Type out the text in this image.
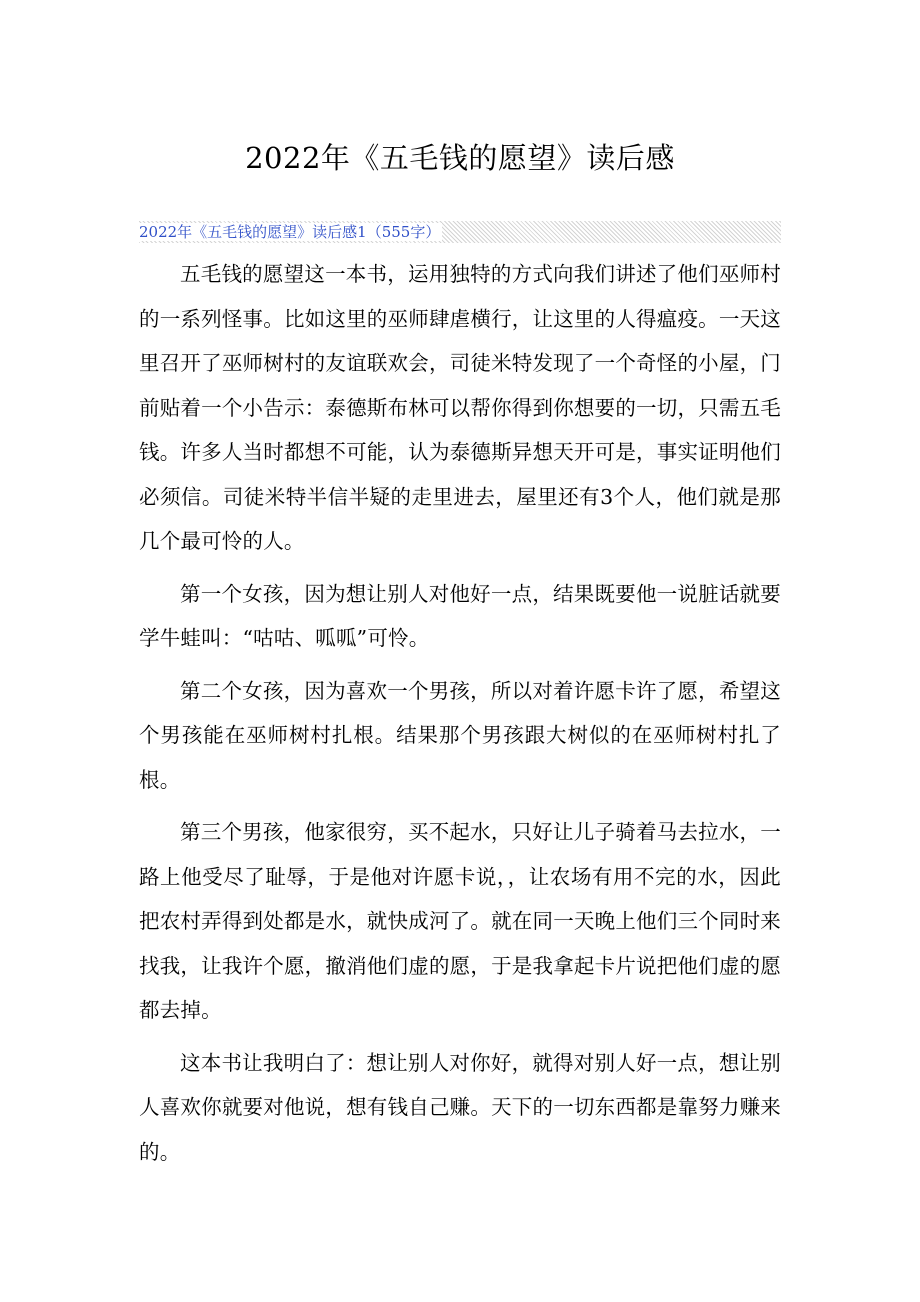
2022年《五毛钱的愿望》读后感
2022年《五毛钱的愿望》读后感1（555字）

五毛钱的愿望这一本书，运用独特的方式向我们讲述了他们巫师村的一系列怪事。比如这里的巫师肆虐横行，让这里的人得瘟疫。一天这里召开了巫师树村的友谊联欢会，司徒米特发现了一个奇怪的小屋，门前贴着一个小告示：泰德斯布林可以帮你得到你想要的一切，只需五毛钱。许多人当时都想不可能，认为泰德斯异想天开可是，事实证明他们必须信。司徒米特半信半疑的走里进去，屋里还有3个人，他们就是那几个最可怜的人。

第一个女孩，因为想让别人对他好一点，结果既要他一说脏话就要学牛蛙叫：“咕咕、呱呱”可怜。

第二个女孩，因为喜欢一个男孩，所以对着许愿卡许了愿，希望这个男孩能在巫师树村扎根。结果那个男孩跟大树似的在巫师树村扎了根。

第三个男孩，他家很穷，买不起水，只好让儿子骑着马去拉水，一路上他受尽了耻辱，于是他对许愿卡说，，让农场有用不完的水，因此把农村弄得到处都是水，就快成河了。就在同一天晚上他们三个同时来找我，让我许个愿，撤消他们虚的愿，于是我拿起卡片说把他们虚的愿都去掉。

这本书让我明白了：想让别人对你好，就得对别人好一点，想让别人喜欢你就要对他说，想有钱自己赚。天下的一切东西都是靠努力赚来的。
